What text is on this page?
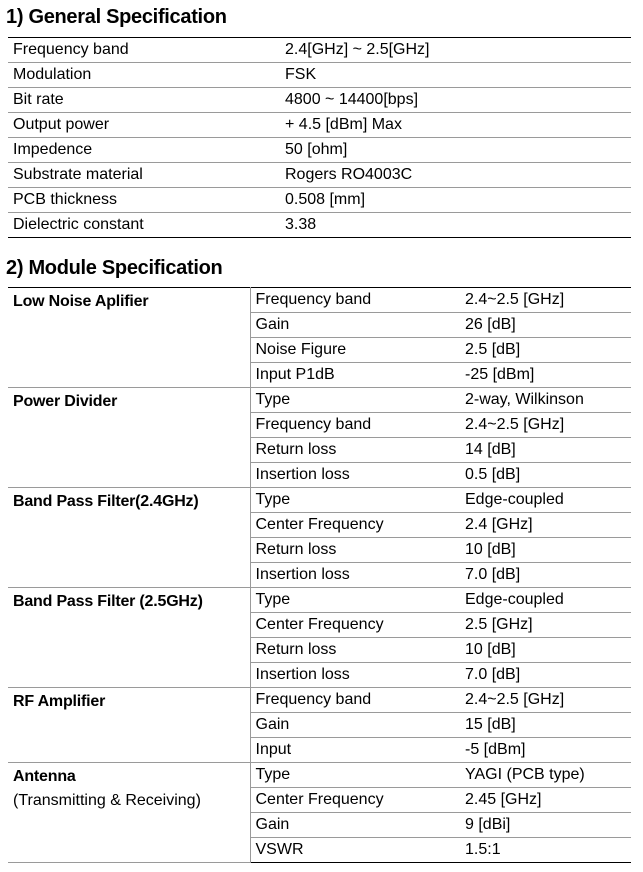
1) General Specification
Frequency band	2.4[GHz] ~ 2.5[GHz]
Modulation	FSK
Bit rate	4800 ~ 14400[bps]
Output power	+ 4.5 [dBm] Max
Impedence	50 [ohm]
Substrate material	Rogers RO4003C
PCB thickness	0.508 [mm]
Dielectric constant	3.38
2) Module Specification
Low Noise Aplifier	Frequency band	2.4~2.5 [GHz]
	Gain	26 [dB]
	Noise Figure	2.5 [dB]
	Input P1dB	-25 [dBm]

Power Divider	Type	2-way, Wilkinson
	Frequency band	2.4~2.5 [GHz]
	Return loss	14 [dB]
	Insertion loss	0.5 [dB]

Band Pass Filter(2.4GHz)	Type	Edge-coupled
	Center Frequency	2.4 [GHz]
	Return loss	10 [dB]
	Insertion loss	7.0 [dB]

Band Pass Filter (2.5GHz)	Type	Edge-coupled
	Center Frequency	2.5 [GHz]
	Return loss	10 [dB]
	Insertion loss	7.0 [dB]

RF Amplifier	Frequency band	2.4~2.5 [GHz]
	Gain	15 [dB]
	Input	-5 [dBm]

Antenna
(Transmitting & Receiving)	Type	YAGI (PCB type)
	Center Frequency	2.45 [GHz]
	Gain	9 [dBi]
	VSWR	1.5:1
